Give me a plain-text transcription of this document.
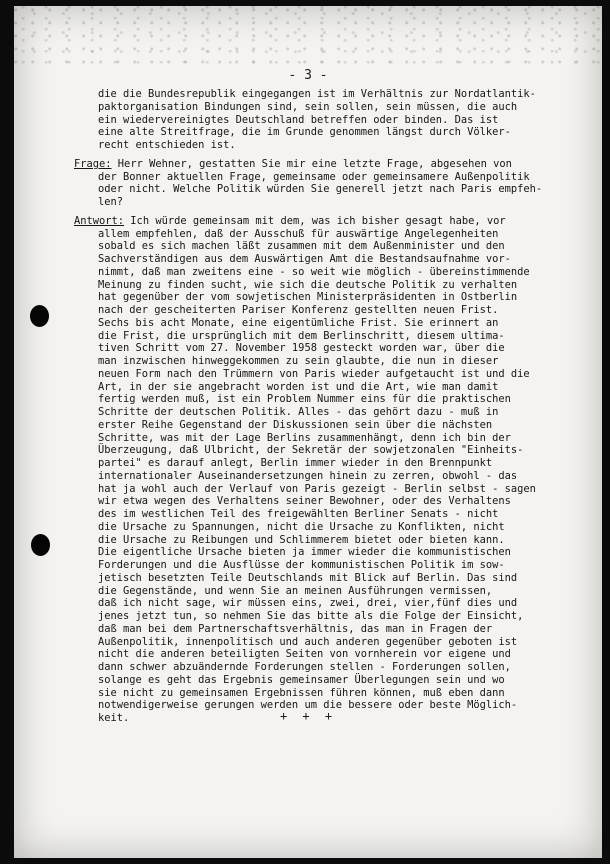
- 3 -
die die Bundesrepublik eingegangen ist im Verhältnis zur Nordatlantik-
paktorganisation Bindungen sind, sein sollen, sein müssen, die auch
ein wiedervereinigtes Deutschland betreffen oder binden. Das ist
eine alte Streitfrage, die im Grunde genommen längst durch Völker-
recht entschieden ist.
Frage: Herr Wehner, gestatten Sie mir eine letzte Frage, abgesehen von
der Bonner aktuellen Frage, gemeinsame oder gemeinsamere Außenpolitik
oder nicht. Welche Politik würden Sie generell jetzt nach Paris empfeh-
len?
Antwort: Ich würde gemeinsam mit dem, was ich bisher gesagt habe, vor
allem empfehlen, daß der Ausschuß für auswärtige Angelegenheiten
sobald es sich machen läßt zusammen mit dem Außenminister und den
Sachverständigen aus dem Auswärtigen Amt die Bestandsaufnahme vor-
nimmt, daß man zweitens eine - so weit wie möglich - übereinstimmende
Meinung zu finden sucht, wie sich die deutsche Politik zu verhalten
hat gegenüber der vom sowjetischen Ministerpräsidenten in Ostberlin
nach der gescheiterten Pariser Konferenz gestellten neuen Frist.
Sechs bis acht Monate, eine eigentümliche Frist. Sie erinnert an
die Frist, die ursprünglich mit dem Berlinschritt, diesem ultima-
tiven Schritt vom 27. November 1958 gesteckt worden war, über die
man inzwischen hinweggekommen zu sein glaubte, die nun in dieser
neuen Form nach den Trümmern von Paris wieder aufgetaucht ist und die
Art, in der sie angebracht worden ist und die Art, wie man damit
fertig werden muß, ist ein Problem Nummer eins für die praktischen
Schritte der deutschen Politik. Alles - das gehört dazu - muß in
erster Reihe Gegenstand der Diskussionen sein über die nächsten
Schritte, was mit der Lage Berlins zusammenhängt, denn ich bin der
Überzeugung, daß Ulbricht, der Sekretär der sowjetzonalen "Einheits-
partei" es darauf anlegt, Berlin immer wieder in den Brennpunkt
internationaler Auseinandersetzungen hinein zu zerren, obwohl - das
hat ja wohl auch der Verlauf von Paris gezeigt - Berlin selbst - sagen
wir etwa wegen des Verhaltens seiner Bewohner, oder des Verhaltens
des im westlichen Teil des freigewählten Berliner Senats - nicht
die Ursache zu Spannungen, nicht die Ursache zu Konflikten, nicht
die Ursache zu Reibungen und Schlimmerem bietet oder bieten kann.
Die eigentliche Ursache bieten ja immer wieder die kommunistischen
Forderungen und die Ausflüsse der kommunistischen Politik im sow-
jetisch besetzten Teile Deutschlands mit Blick auf Berlin. Das sind
die Gegenstände, und wenn Sie an meinen Ausführungen vermissen,
daß ich nicht sage, wir müssen eins, zwei, drei, vier,fünf dies und
jenes jetzt tun, so nehmen Sie das bitte als die Folge der Einsicht,
daß man bei dem Partnerschaftsverhältnis, das man in Fragen der
Außenpolitik, innenpolitisch und auch anderen gegenüber geboten ist
nicht die anderen beteiligten Seiten von vornherein vor eigene und
dann schwer abzuändernde Forderungen stellen - Forderungen sollen,
solange es geht das Ergebnis gemeinsamer Überlegungen sein und wo
sie nicht zu gemeinsamen Ergebnissen führen können, muß eben dann
notwendigerweise gerungen werden um die bessere oder beste Möglich-
keit.	+ + +
